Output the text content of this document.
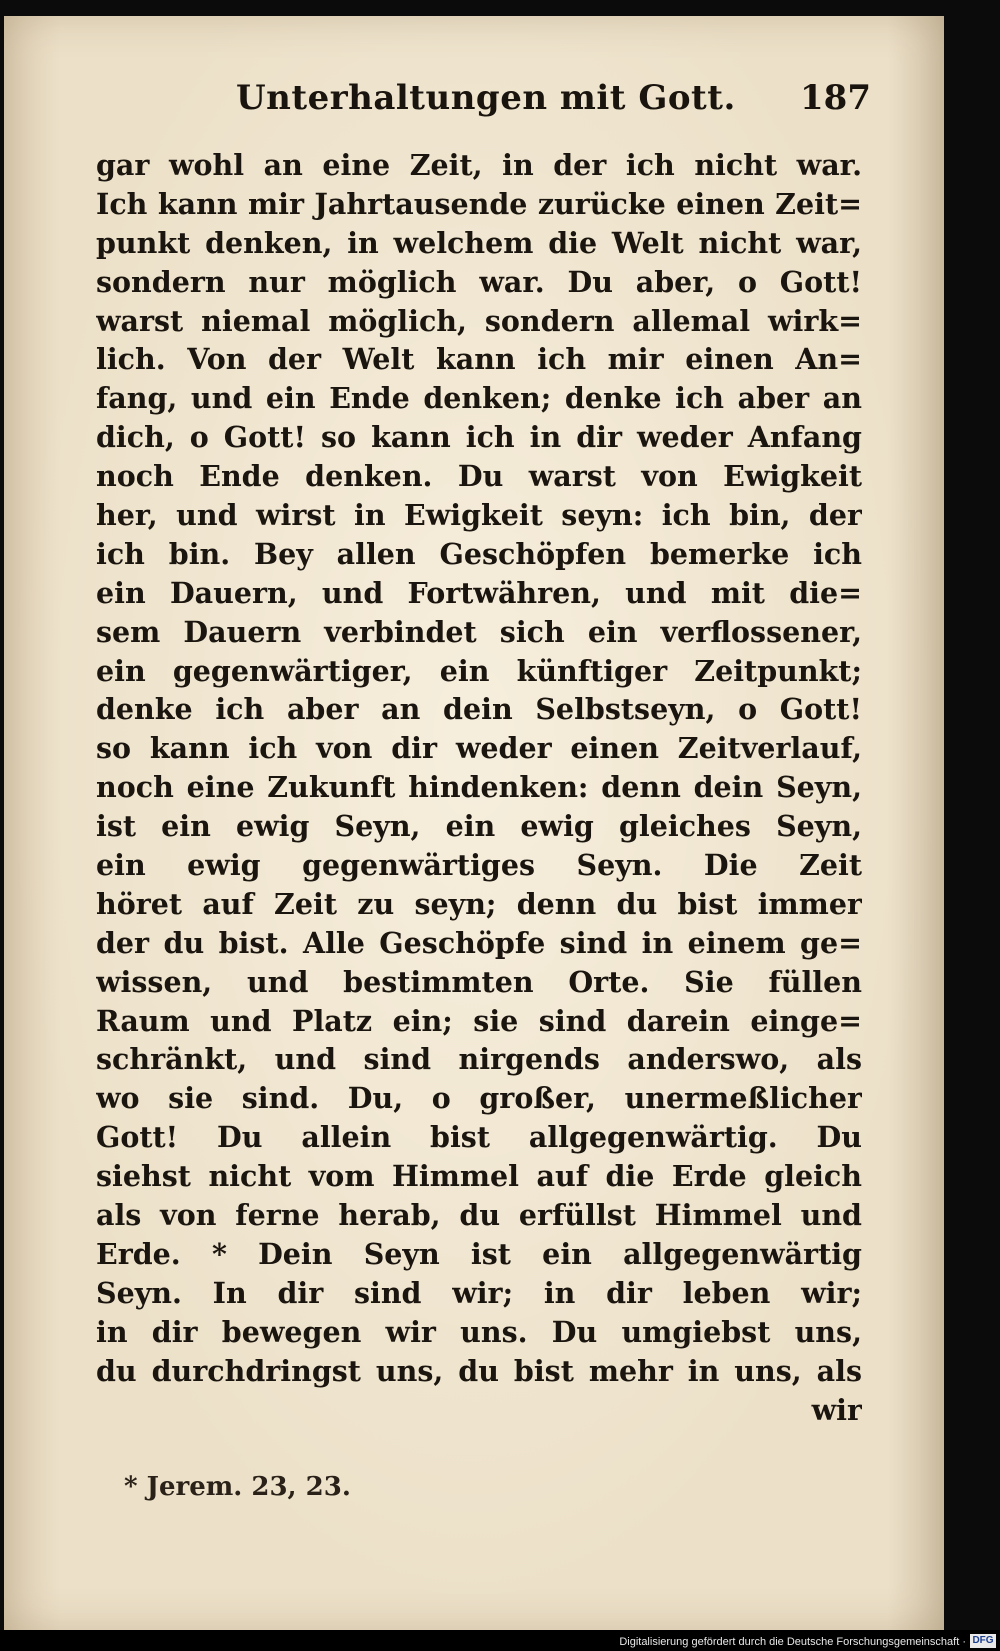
Unterhaltungen mit Gott. 187
gar wohl an eine Zeit, in der ich nicht war.
Ich kann mir Jahrtausende zurücke einen Zeit=
punkt denken, in welchem die Welt nicht war,
sondern nur möglich war. Du aber, o Gott!
warst niemal möglich, sondern allemal wirk=
lich. Von der Welt kann ich mir einen An=
fang, und ein Ende denken; denke ich aber an
dich, o Gott! so kann ich in dir weder Anfang
noch Ende denken. Du warst von Ewigkeit
her, und wirst in Ewigkeit seyn: ich bin, der
ich bin. Bey allen Geschöpfen bemerke ich
ein Dauern, und Fortwähren, und mit die=
sem Dauern verbindet sich ein verflossener,
ein gegenwärtiger, ein künftiger Zeitpunkt;
denke ich aber an dein Selbstseyn, o Gott!
so kann ich von dir weder einen Zeitverlauf,
noch eine Zukunft hindenken: denn dein Seyn,
ist ein ewig Seyn, ein ewig gleiches Seyn,
ein ewig gegenwärtiges Seyn. Die Zeit
höret auf Zeit zu seyn; denn du bist immer
der du bist. Alle Geschöpfe sind in einem ge=
wissen, und bestimmten Orte. Sie füllen
Raum und Platz ein; sie sind darein einge=
schränkt, und sind nirgends anderswo, als
wo sie sind. Du, o großer, unermeßlicher
Gott! Du allein bist allgegenwärtig. Du
siehst nicht vom Himmel auf die Erde gleich
als von ferne herab, du erfüllst Himmel und
Erde. * Dein Seyn ist ein allgegenwärtig
Seyn. In dir sind wir; in dir leben wir;
in dir bewegen wir uns. Du umgiebst uns,
du durchdringst uns, du bist mehr in uns, als
wir
* Jerem. 23, 23.
Digitalisierung gefördert durch die Deutsche Forschungsgemeinschaft · DFG
